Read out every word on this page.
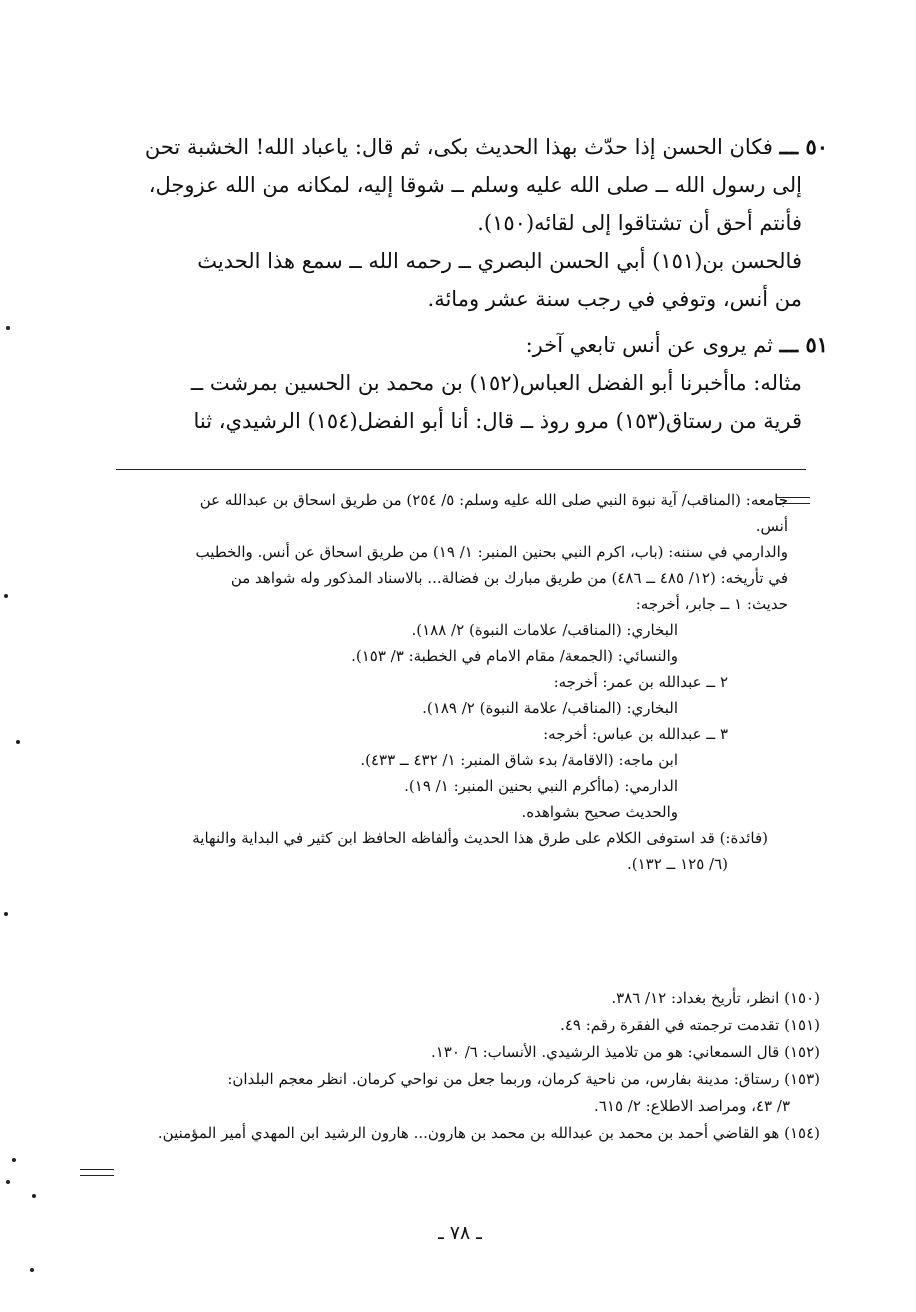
٥٠ ـــ فكان الحسن إذا حدّث بهذا الحديث بكى، ثم قال: ياعباد الله! الخشبة تحن

إلى رسول الله ــ صلى الله عليه وسلم ــ شوقا إليه، لمكانه من الله عزوجل،

فأنتم أحق أن تشتاقوا إلى لقائه(١٥٠).

فالحسن بن(١٥١) أبي الحسن البصري ــ رحمه الله ــ سمع هذا الحديث

من أنس، وتوفي في رجب سنة عشر ومائة.

٥١ ـــ ثم يروى عن أنس تابعي آخر:

مثاله: ماأخبرنا أبو الفضل العباس(١٥٢) بن محمد بن الحسين بمرشت ــ

قرية من رستاق(١٥٣) مرو روذ ــ قال: أنا أبو الفضل(١٥٤) الرشيدي، ثنا

جامعه: (المناقب/ آية نبوة النبي صلى الله عليه وسلم: ٥/ ٢٥٤) من طريق اسحاق بن عبدالله عن

أنس.

والدارمي في سننه: (باب، اكرم النبي بحنين المنبر: ١/ ١٩) من طريق اسحاق عن أنس. والخطيب

في تأريخه: (١٢/ ٤٨٥ ــ ٤٨٦) من طريق مبارك بن فضالة... بالاسناد المذكور وله شواهد من

حديث: ١ ــ جابر، أخرجه:

البخاري: (المناقب/ علامات النبوة) ٢/ ١٨٨).

والنسائي: (الجمعة/ مقام الامام في الخطبة: ٣/ ١٥٣).

٢ ــ عبدالله بن عمر: أخرجه:

البخاري: (المناقب/ علامة النبوة) ٢/ ١٨٩).

٣ ــ عبدالله بن عباس: أخرجه:

ابن ماجه: (الاقامة/ بدء شاق المنبر: ١/ ٤٣٢ ــ ٤٣٣).

الدارمي: (ماأكرم النبي بحنين المنبر: ١/ ١٩).

والحديث صحيح بشواهده.

(فائدة:) قد استوفى الكلام على طرق هذا الحديث وألفاظه الحافظ ابن كثير في البداية والنهاية

(٦/ ١٢٥ ــ ١٣٢).

(١٥٠) انظر، تأريخ بغداد: ١٢/ ٣٨٦.

(١٥١) تقدمت ترجمته في الفقرة رقم: ٤٩.

(١٥٢) قال السمعاني: هو من تلاميذ الرشيدي. الأنساب: ٦/ ١٣٠.

(١٥٣) رستاق: مدينة بفارس، من ناحية كرمان، وربما جعل من نواحي كرمان. انظر معجم البلدان:

٣/ ٤٣، ومراصد الاطلاع: ٢/ ٦١٥.

(١٥٤) هو القاضي أحمد بن محمد بن عبدالله بن محمد بن هارون... هارون الرشيد ابن المهدي أمير المؤمنين.

ـ ٧٨ ـ
